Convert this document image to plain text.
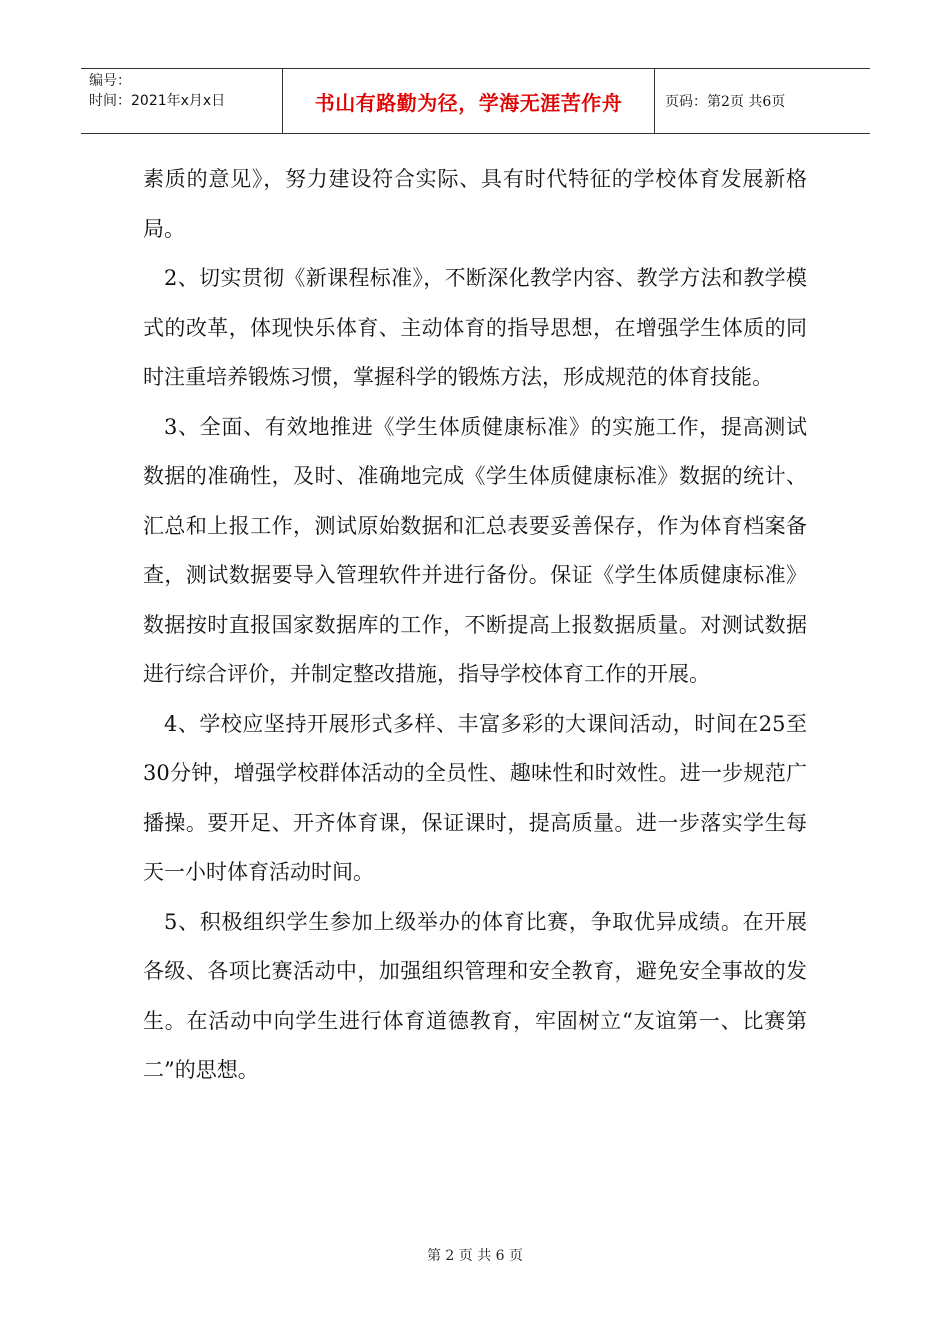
编号：
时间：2021年x月x日	书山有路勤为径，学海无涯苦作舟	页码：第2页 共6页

素质的意见》，努力建设符合实际、具有时代特征的学校体育发展新格局。

2、切实贯彻《新课程标准》，不断深化教学内容、教学方法和教学模式的改革，体现快乐体育、主动体育的指导思想，在增强学生体质的同时注重培养锻炼习惯，掌握科学的锻炼方法，形成规范的体育技能。

3、全面、有效地推进《学生体质健康标准》的实施工作，提高测试数据的准确性，及时、准确地完成《学生体质健康标准》数据的统计、汇总和上报工作，测试原始数据和汇总表要妥善保存，作为体育档案备查，测试数据要导入管理软件并进行备份。保证《学生体质健康标准》数据按时直报国家数据库的工作，不断提高上报数据质量。对测试数据进行综合评价，并制定整改措施，指导学校体育工作的开展。

4、学校应坚持开展形式多样、丰富多彩的大课间活动，时间在25至30分钟，增强学校群体活动的全员性、趣味性和时效性。进一步规范广播操。要开足、开齐体育课，保证课时，提高质量。进一步落实学生每天一小时体育活动时间。

5、积极组织学生参加上级举办的体育比赛，争取优异成绩。在开展各级、各项比赛活动中，加强组织管理和安全教育，避免安全事故的发生。在活动中向学生进行体育道德教育，牢固树立“友谊第一、比赛第二”的思想。

第 2 页 共 6 页
